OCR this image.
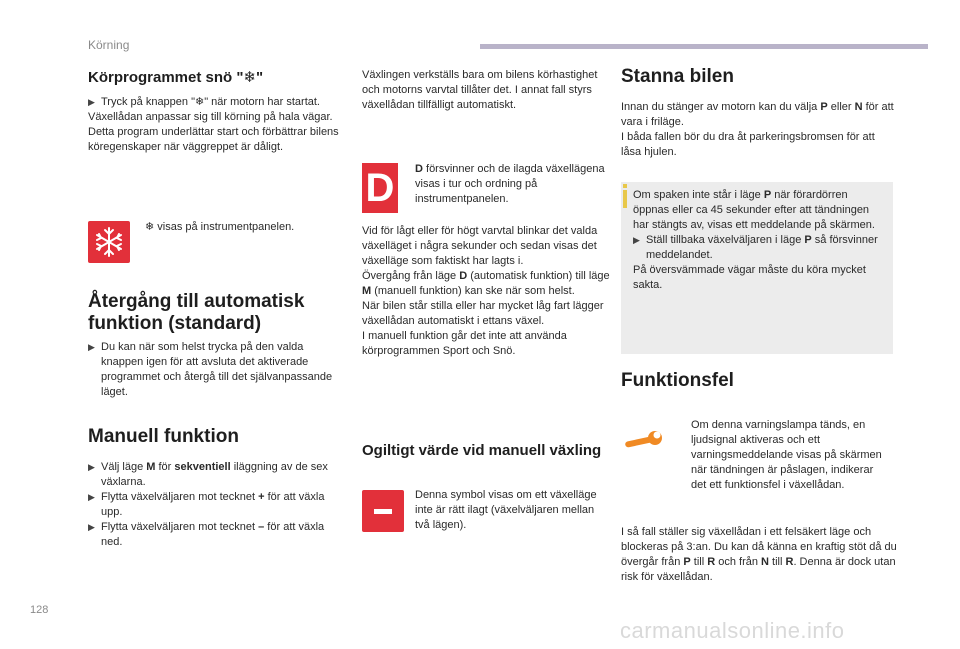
Körning
Körprogrammet snö "❄"
▶ Tryck på knappen "❄" när motorn har startat.

Växellådan anpassar sig till körning på hala vägar.

Detta program underlättar start och förbättrar bilens köregenskaper när väggreppet är dåligt.

❄ visas på instrumentpanelen.
Återgång till automatisk
funktion (standard)
▶ Du kan när som helst trycka på den valda knappen igen för att avsluta det aktiverade programmet och återgå till det självanpassande läget.
Manuell funktion
▶ Välj läge M för sekventiell iläggning av de sex växlarna.
▶ Flytta växelväljaren mot tecknet + för att växla upp.
▶ Flytta växelväljaren mot tecknet – för att växla ned.
Växlingen verkställs bara om bilens körhastighet och motorns varvtal tillåter det. I annat fall styrs växellådan tillfälligt automatiskt.
D	D försvinner och de ilagda växellägena visas i tur och ordning på instrumentpanelen.

Vid för lågt eller för högt varvtal blinkar det valda växelläget i några sekunder och sedan visas det växelläge som faktiskt har lagts i.

Övergång från läge D (automatisk funktion) till läge M (manuell funktion) kan ske när som helst.

När bilen står stilla eller har mycket låg fart lägger växellådan automatiskt i ettans växel.

I manuell funktion går det inte att använda körprogrammen Sport och Snö.

Ogiltigt värde vid manuell växling
Denna symbol visas om ett växelläge inte är rätt ilagt (växelväljaren mellan två lägen).
Stanna bilen

Innan du stänger av motorn kan du välja P eller N för att vara i friläge.

I båda fallen bör du dra åt parkeringsbromsen för att låsa hjulen.

Om spaken inte står i läge P när förardörren öppnas eller ca 45 sekunder efter att tändningen har stängts av, visas ett meddelande på skärmen.

▶ Ställ tillbaka växelväljaren i läge P så försvinner meddelandet.

På översvämmade vägar måste du köra mycket sakta.

Funktionsfel
Om denna varningslampa tänds, en ljudsignal aktiveras och ett varningsmeddelande visas på skärmen när tändningen är påslagen, indikerar det ett funktionsfel i växellådan.

I så fall ställer sig växellådan i ett felsäkert läge och blockeras på 3:an. Du kan då känna en kraftig stöt då du övergår från P till R och från N till R. Denna är dock utan risk för växellådan.

128
carmanualsonline.info
